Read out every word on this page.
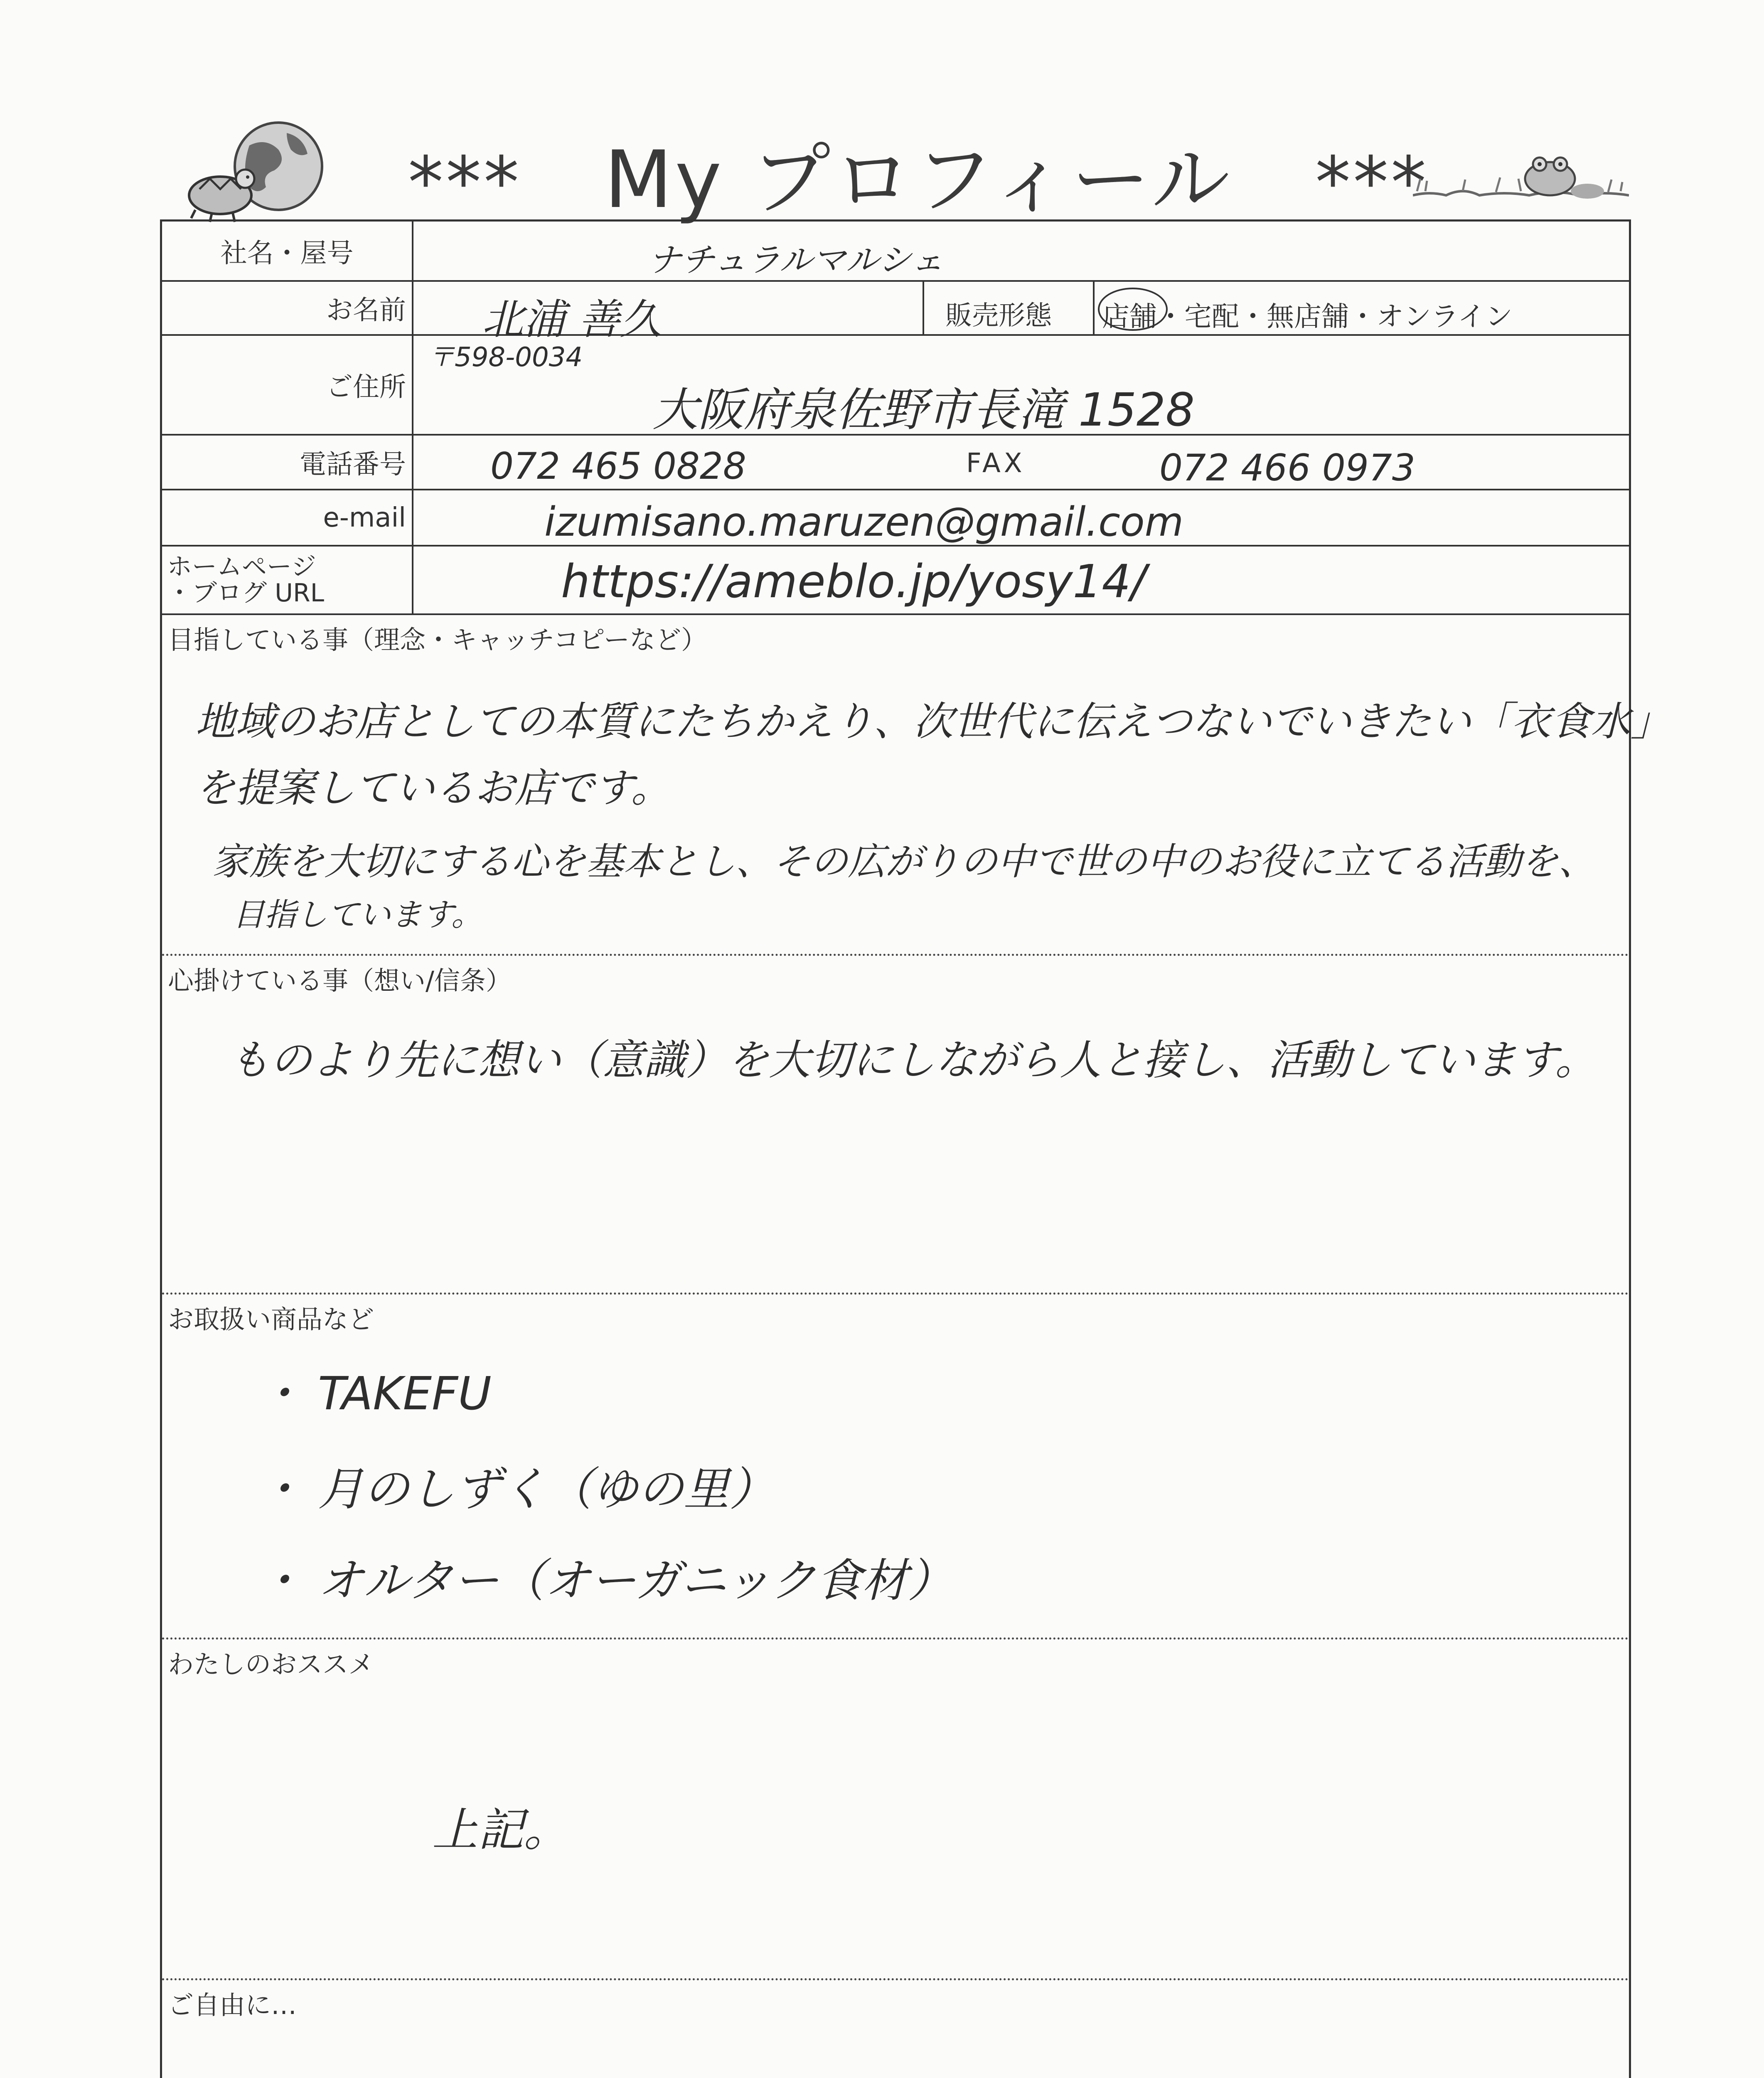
*** My プロフィール ***
社名・屋号	ナチュラルマルシェ
お名前 北浦 善久	販売形態 店舗・宅配・無店舗・オンライン
ご住所
〒598-0034
大阪府泉佐野市長滝 1528
電話番号 072 465 0828	FAX	072 466 0973
e-mail	izumisano.maruzen@gmail.com
ホームページ
・ブログ URL	https://ameblo.jp/yosy14/
目指している事（理念・キャッチコピーなど）
地域のお店としての本質にたちかえり、次世代に伝えつないでいきたい「衣食水」
を提案しているお店です。
家族を大切にする心を基本とし、その広がりの中で世の中のお役に立てる活動を、
目指しています。
心掛けている事（想い/信条）
ものより先に想い（意識）を大切にしながら人と接し、活動しています。
お取扱い商品など
・ TAKEFU
・ 月のしずく（ゆの里）
・ オルター（オーガニック食材）
わたしのおススメ
上記。
ご自由に…
